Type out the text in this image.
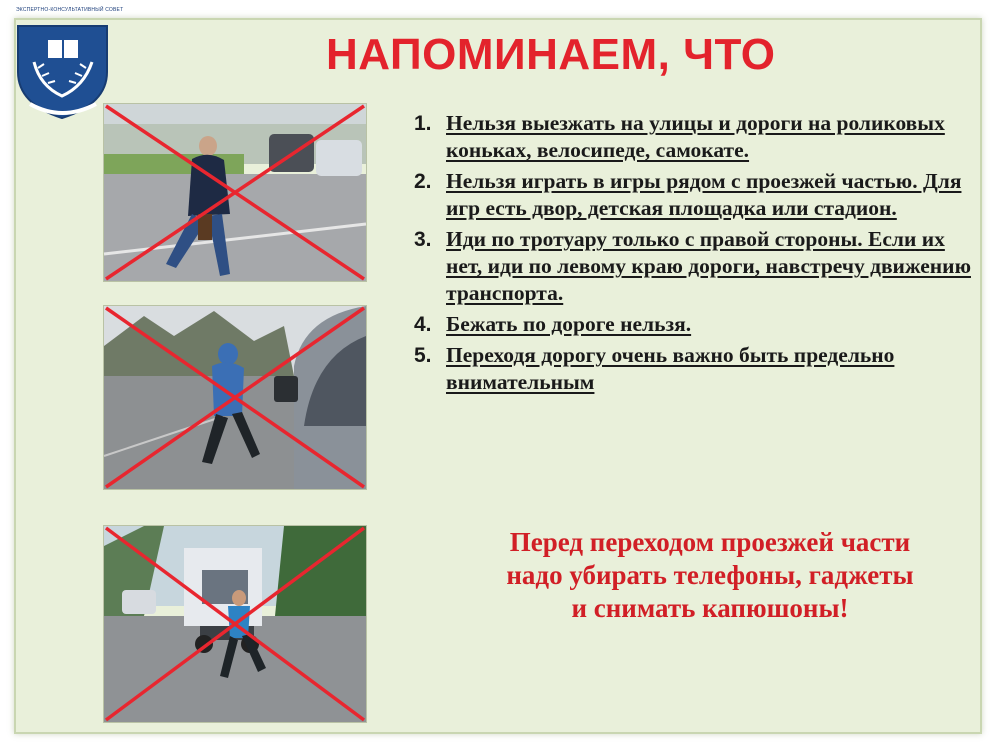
ЭКСПЕРТНО-КОНСУЛЬТАТИВНЫЙ СОВЕТ
НАПОМИНАЕМ, ЧТО
1. Нельзя выезжать на улицы и дороги на роликовых коньках, велосипеде, самокате.
2. Нельзя играть в игры рядом с проезжей частью. Для игр есть двор, детская площадка или стадион.
3. Иди по тротуару только с правой стороны. Если их нет, иди по левому краю дороги, навстречу движению транспорта.
4. Бежать по дороге нельзя.
5. Переходя дорогу очень важно быть предельно внимательным
Перед переходом проезжей части
надо убирать телефоны, гаджеты
и снимать капюшоны!
